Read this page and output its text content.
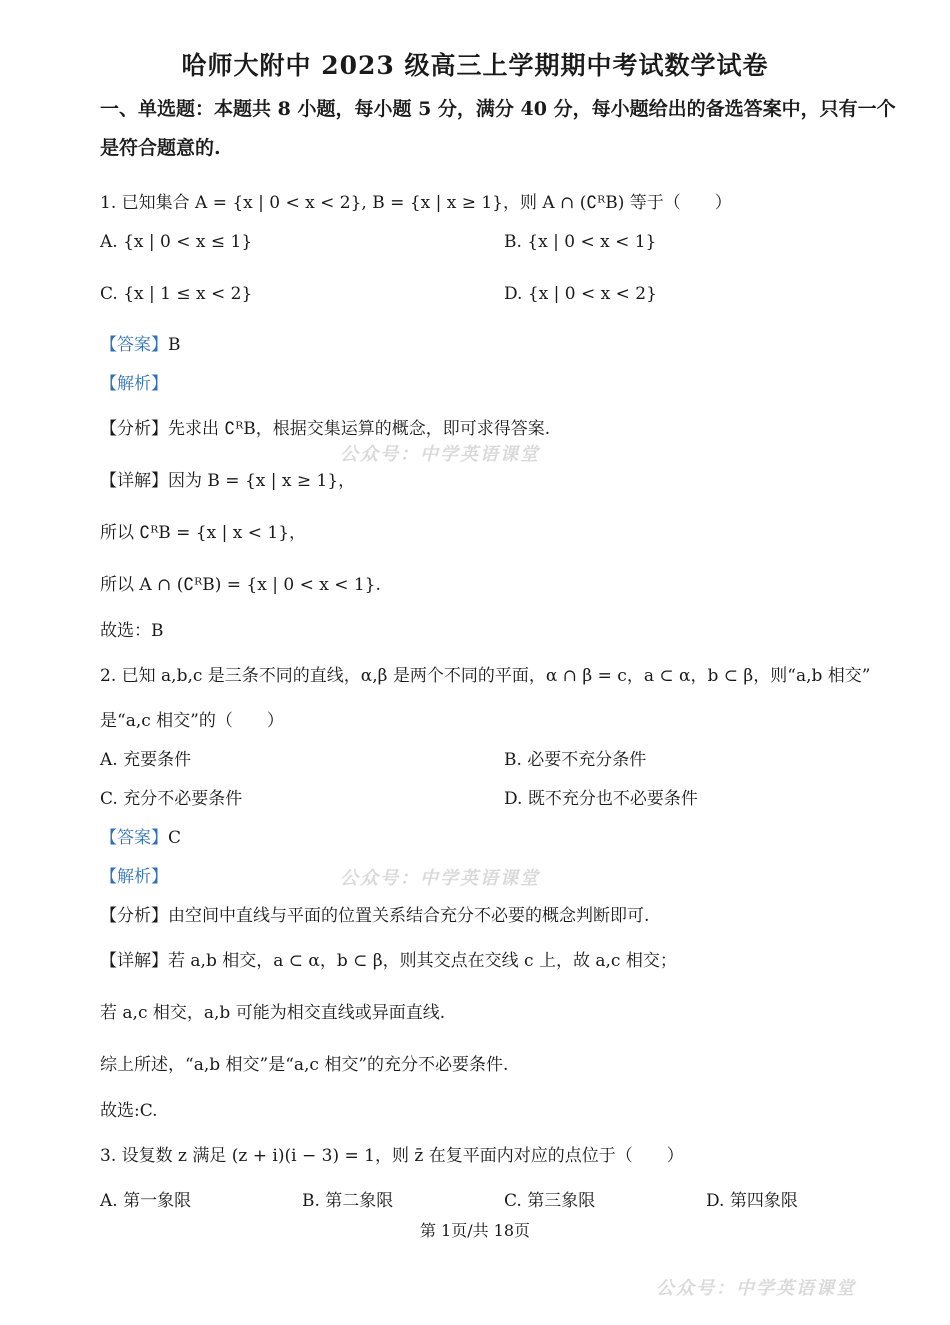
哈师大附中 2023 级高三上学期期中考试数学试卷
一、单选题：本题共 8 小题，每小题 5 分，满分 40 分，每小题给出的备选答案中，只有一个
是符合题意的.
1. 已知集合 A = {x | 0 < x < 2}, B = {x | x ≥ 1}，则 A ∩ (∁ᴿB) 等于（　　）
A. {x | 0 < x ≤ 1}	B. {x | 0 < x < 1}
C. {x | 1 ≤ x < 2}	D. {x | 0 < x < 2}
【答案】B
【解析】
【分析】先求出 ∁ᴿB，根据交集运算的概念，即可求得答案.
【详解】因为 B = {x | x ≥ 1}，
所以 ∁ᴿB = {x | x < 1}，
所以 A ∩ (∁ᴿB) = {x | 0 < x < 1}.
故选：B
2. 已知 a,b,c 是三条不同的直线，α,β 是两个不同的平面，α ∩ β = c，a ⊂ α，b ⊂ β，则“a,b 相交”
是“a,c 相交”的（　　）
A. 充要条件	B. 必要不充分条件
C. 充分不必要条件	D. 既不充分也不必要条件
【答案】C
【解析】
【分析】由空间中直线与平面的位置关系结合充分不必要的概念判断即可.
【详解】若 a,b 相交，a ⊂ α，b ⊂ β，则其交点在交线 c 上，故 a,c 相交；
若 a,c 相交，a,b 可能为相交直线或异面直线.
综上所述，“a,b 相交”是“a,c 相交”的充分不必要条件.
故选:C.
3. 设复数 z 满足 (z + i)(i − 3) = 1，则 z̄ 在复平面内对应的点位于（　　）
A. 第一象限	B. 第二象限	C. 第三象限	D. 第四象限
第 1页/共 18页
公众号：中学英语课堂
公众号：中学英语课堂
公众号：中学英语课堂
